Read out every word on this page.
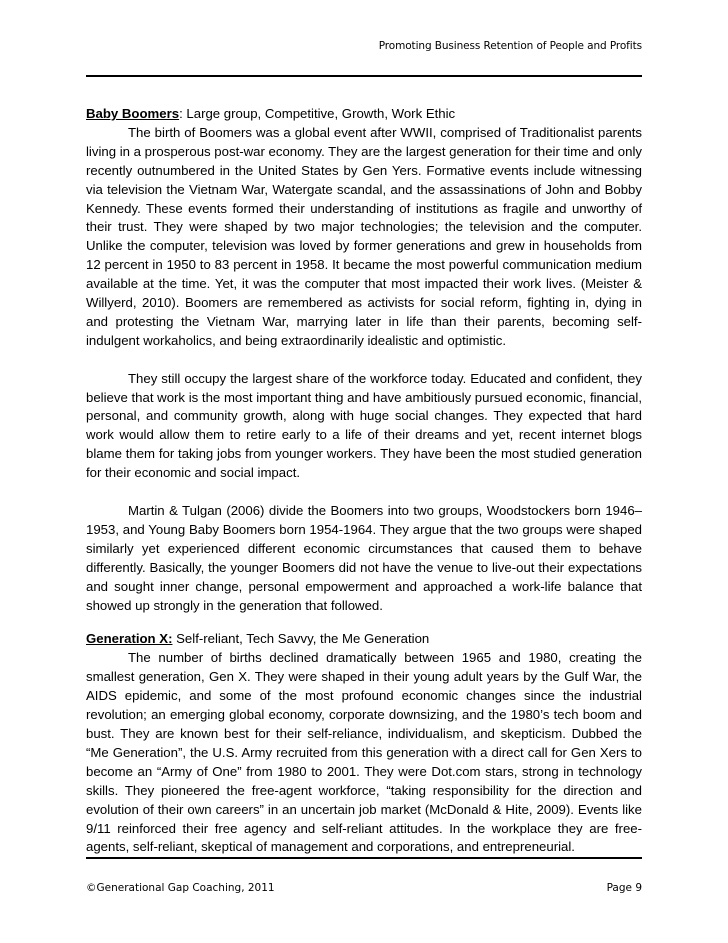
Promoting Business Retention of People and Profits
Baby Boomers: Large group, Competitive, Growth, Work Ethic

The birth of Boomers was a global event after WWII, comprised of Traditionalist parents living in a prosperous post-war economy. They are the largest generation for their time and only recently outnumbered in the United States by Gen Yers. Formative events include witnessing via television the Vietnam War, Watergate scandal, and the assassinations of John and Bobby Kennedy. These events formed their understanding of institutions as fragile and unworthy of their trust. They were shaped by two major technologies; the television and the computer. Unlike the computer, television was loved by former generations and grew in households from 12 percent in 1950 to 83 percent in 1958. It became the most powerful communication medium available at the time. Yet, it was the computer that most impacted their work lives. (Meister & Willyerd, 2010). Boomers are remembered as activists for social reform, fighting in, dying in and protesting the Vietnam War, marrying later in life than their parents, becoming self-indulgent workaholics, and being extraordinarily idealistic and optimistic.

They still occupy the largest share of the workforce today. Educated and confident, they believe that work is the most important thing and have ambitiously pursued economic, financial, personal, and community growth, along with huge social changes. They expected that hard work would allow them to retire early to a life of their dreams and yet, recent internet blogs blame them for taking jobs from younger workers. They have been the most studied generation for their economic and social impact.

Martin & Tulgan (2006) divide the Boomers into two groups, Woodstockers born 1946–1953, and Young Baby Boomers born 1954-1964. They argue that the two groups were shaped similarly yet experienced different economic circumstances that caused them to behave differently. Basically, the younger Boomers did not have the venue to live-out their expectations and sought inner change, personal empowerment and approached a work-life balance that showed up strongly in the generation that followed.

Generation X: Self-reliant, Tech Savvy, the Me Generation

The number of births declined dramatically between 1965 and 1980, creating the smallest generation, Gen X. They were shaped in their young adult years by the Gulf War, the AIDS epidemic, and some of the most profound economic changes since the industrial revolution; an emerging global economy, corporate downsizing, and the 1980’s tech boom and bust. They are known best for their self-reliance, individualism, and skepticism. Dubbed the “Me Generation”, the U.S. Army recruited from this generation with a direct call for Gen Xers to become an “Army of One” from 1980 to 2001. They were Dot.com stars, strong in technology skills. They pioneered the free-agent workforce, “taking responsibility for the direction and evolution of their own careers” in an uncertain job market (McDonald & Hite, 2009). Events like 9/11 reinforced their free agency and self-reliant attitudes. In the workplace they are free-agents, self-reliant, skeptical of management and corporations, and entrepreneurial.

©Generational Gap Coaching, 2011	Page 9
